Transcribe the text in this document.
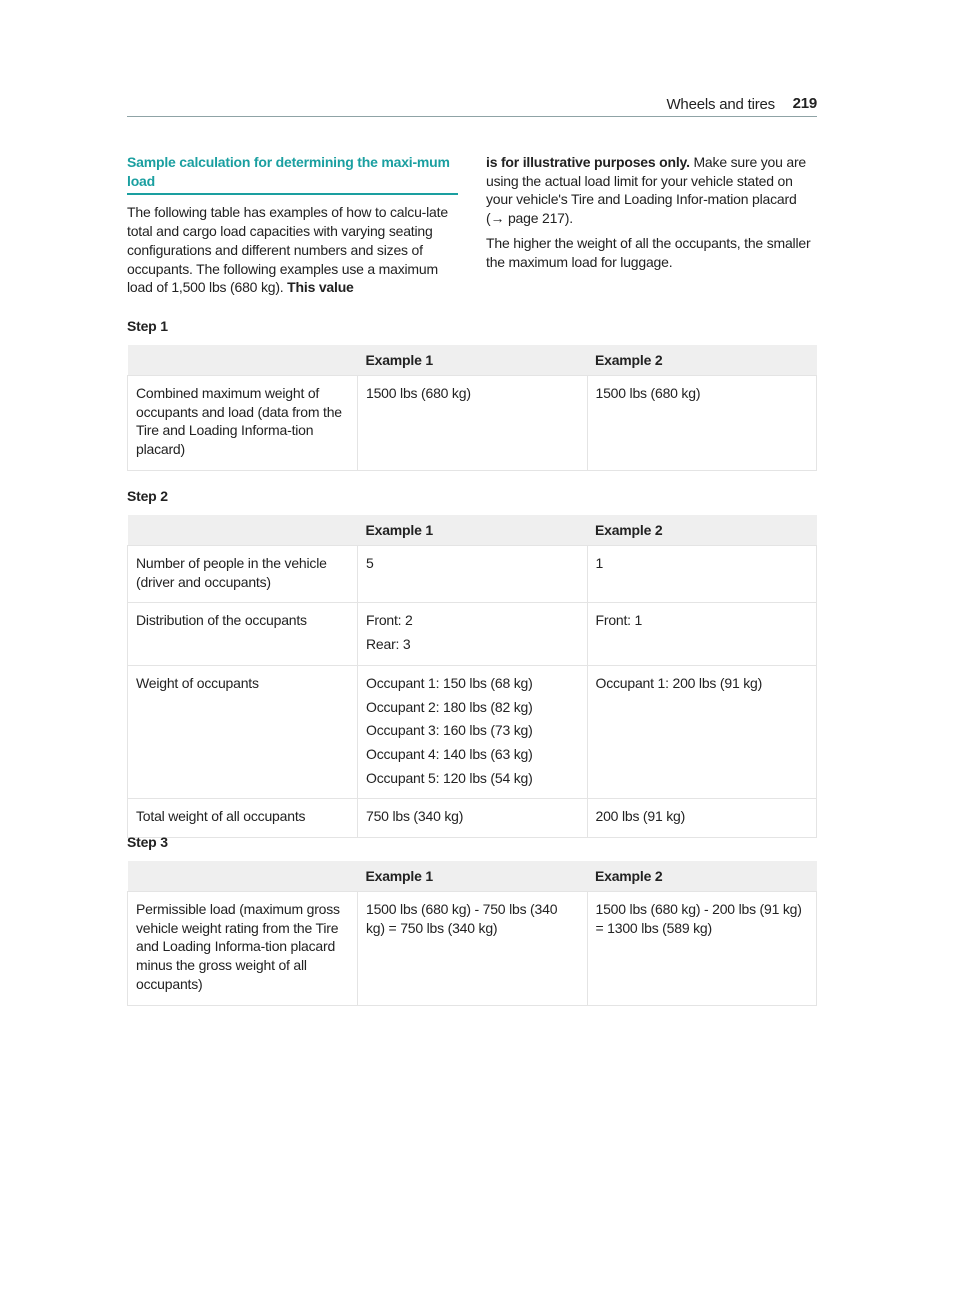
Wheels and tires 219
Sample calculation for determining the maxi-mum load

The following table has examples of how to calcu-late total and cargo load capacities with varying seating configurations and different numbers and sizes of occupants. The following examples use a maximum load of 1,500 lbs (680 kg). This value

is for illustrative purposes only. Make sure you are using the actual load limit for your vehicle stated on your vehicle's Tire and Loading Infor-mation placard (→ page 217).

The higher the weight of all the occupants, the smaller the maximum load for luggage.

Step 1
	Example 1	Example 2

Combined maximum weight of occupants and load (data from the Tire and Loading Informa-tion placard)	1500 lbs (680 kg)	1500 lbs (680 kg)
Step 2
	Example 1	Example 2

Number of people in the vehicle (driver and occupants)	5	1

Distribution of the occupants	Front: 2
Rear: 3	Front: 1

Weight of occupants	Occupant 1: 150 lbs (68 kg)
Occupant 2: 180 lbs (82 kg)
Occupant 3: 160 lbs (73 kg)
Occupant 4: 140 lbs (63 kg)
Occupant 5: 120 lbs (54 kg)	Occupant 1: 200 lbs (91 kg)

Total weight of all occupants	750 lbs (340 kg)	200 lbs (91 kg)
Step 3
	Example 1	Example 2

Permissible load (maximum gross vehicle weight rating from the Tire and Loading Informa-tion placard minus the gross weight of all occupants)	1500 lbs (680 kg) - 750 lbs (340 kg) = 750 lbs (340 kg)	1500 lbs (680 kg) - 200 lbs (91 kg) = 1300 lbs (589 kg)
